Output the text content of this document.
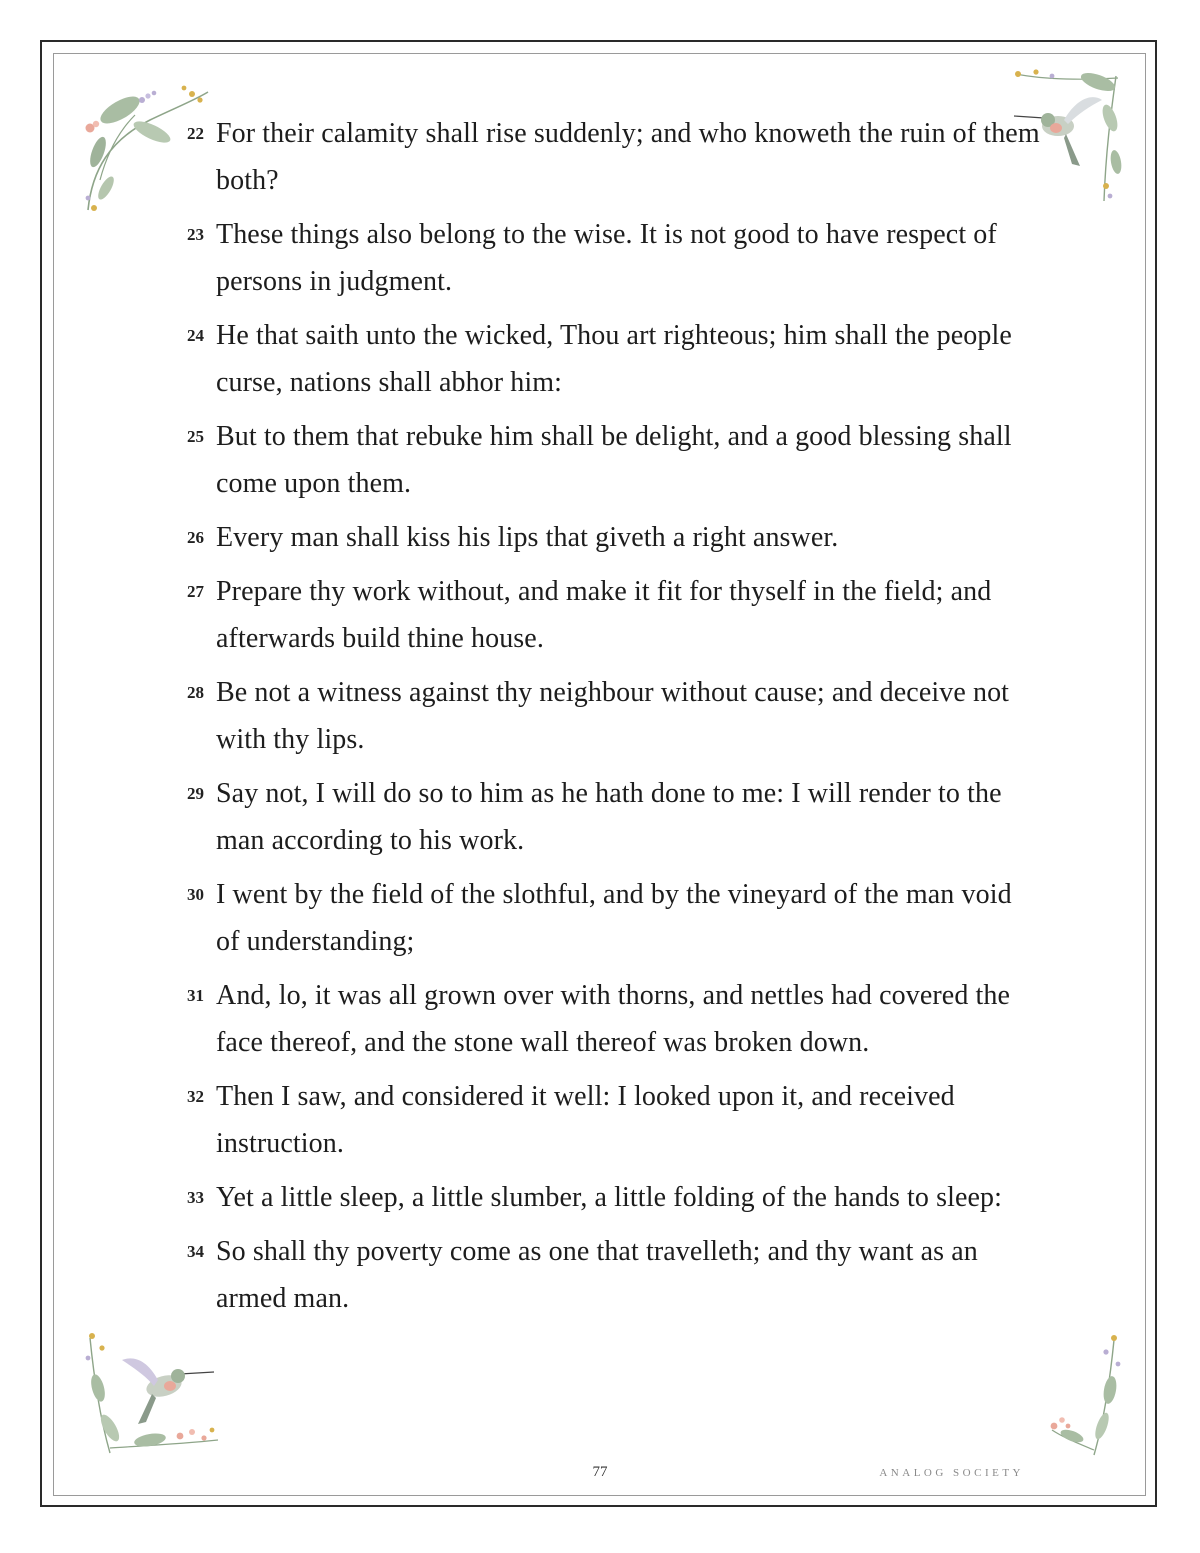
22 For their calamity shall rise suddenly; and who knoweth the ruin of them both?
23 These things also belong to the wise. It is not good to have respect of persons in judgment.
24 He that saith unto the wicked, Thou art righteous; him shall the people curse, nations shall abhor him:
25 But to them that rebuke him shall be delight, and a good blessing shall come upon them.
26 Every man shall kiss his lips that giveth a right answer.
27 Prepare thy work without, and make it fit for thyself in the field; and afterwards build thine house.
28 Be not a witness against thy neighbour without cause; and deceive not with thy lips.
29 Say not, I will do so to him as he hath done to me: I will render to the man according to his work.
30 I went by the field of the slothful, and by the vineyard of the man void of understanding;
31 And, lo, it was all grown over with thorns, and nettles had covered the face thereof, and the stone wall thereof was broken down.
32 Then I saw, and considered it well: I looked upon it, and received instruction.
33 Yet a little sleep, a little slumber, a little folding of the hands to sleep:
34 So shall thy poverty come as one that travelleth; and thy want as an armed man.
77	ANALOG SOCIETY
